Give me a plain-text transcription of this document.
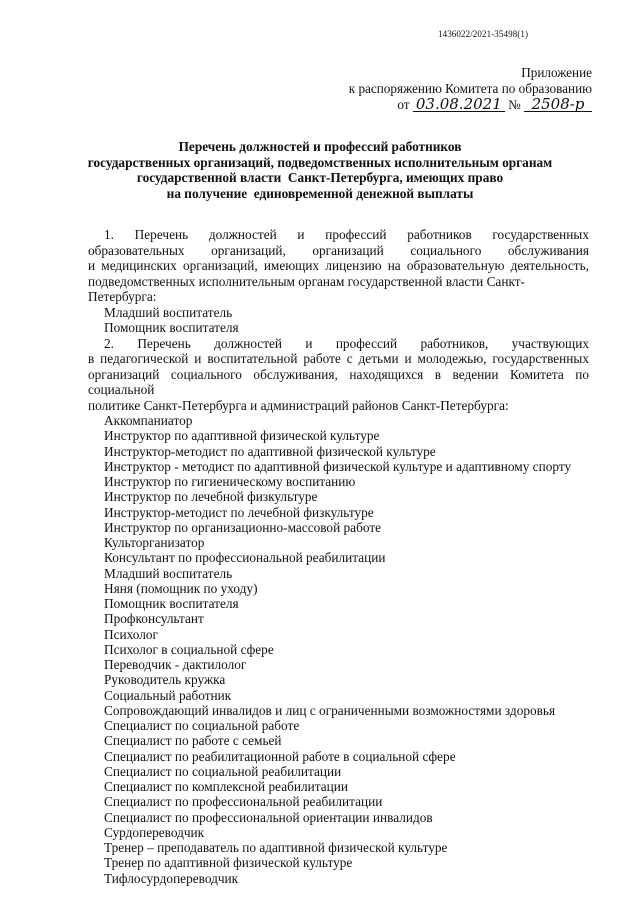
1436022/2021-35498(1)
Приложение
к распоряжению Комитета по образованию
от 03.08.2021 № 2508-р
Перечень должностей и профессий работников
государственных организаций, подведомственных исполнительным органам
государственной власти  Санкт-Петербурга, имеющих право
на получение  единовременной денежной выплаты
1. Перечень должностей и профессий работников государственных
образовательных организаций, организаций социального обслуживания
и медицинских организаций, имеющих лицензию на образовательную деятельность,
подведомственных исполнительным органам государственной власти Санкт-Петербурга:
Младший воспитатель
Помощник воспитателя
2. Перечень должностей и профессий работников, участвующих
в педагогической и воспитательной работе с детьми и молодежью, государственных
организаций социального обслуживания, находящихся в ведении Комитета по социальной
политике Санкт-Петербурга и администраций районов Санкт-Петербурга:
Аккомпаниатор
Инструктор по адаптивной физической культуре
Инструктор-методист по адаптивной физической культуре
Инструктор - методист по адаптивной физической культуре и адаптивному спорту
Инструктор по гигиеническому воспитанию
Инструктор по лечебной физкультуре
Инструктор-методист по лечебной физкультуре
Инструктор по организационно-массовой работе
Культорганизатор
Консультант по профессиональной реабилитации
Младший воспитатель
Няня (помощник по уходу)
Помощник воспитателя
Профконсультант
Психолог
Психолог в социальной сфере
Переводчик - дактилолог
Руководитель кружка
Социальный работник
Сопровождающий инвалидов и лиц с ограниченными возможностями здоровья
Специалист по социальной работе
Специалист по работе с семьей
Специалист по реабилитационной работе в социальной сфере
Специалист по социальной реабилитации
Специалист по комплексной реабилитации
Специалист по профессиональной реабилитации
Специалист по профессиональной ориентации инвалидов
Сурдопереводчик
Тренер – преподаватель по адаптивной физической культуре
Тренер по адаптивной физической культуре
Тифлосурдопереводчик
